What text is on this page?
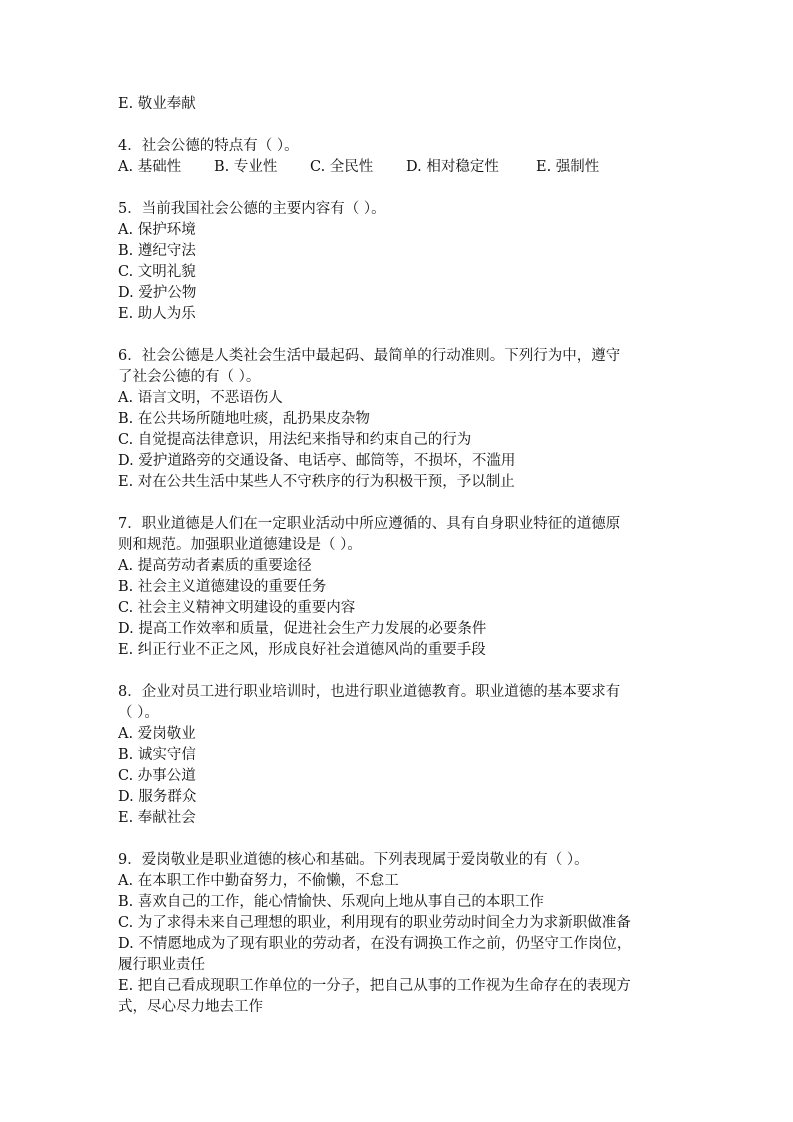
E. 敬业奉献

4．社会公德的特点有（ ）。

A. 基础性 B. 专业性 C. 全民性 D. 相对稳定性	E. 强制性

5．当前我国社会公德的主要内容有（ ）。

A. 保护环境

B. 遵纪守法

C. 文明礼貌

D. 爱护公物

E. 助人为乐

6．社会公德是人类社会生活中最起码、最简单的行动准则。下列行为中，遵守

了社会公德的有（ ）。

A. 语言文明，不恶语伤人

B. 在公共场所随地吐痰，乱扔果皮杂物

C. 自觉提高法律意识，用法纪来指导和约束自己的行为

D. 爱护道路旁的交通设备、电话亭、邮筒等，不损坏，不滥用

E. 对在公共生活中某些人不守秩序的行为积极干预，予以制止

7．职业道德是人们在一定职业活动中所应遵循的、具有自身职业特征的道德原

则和规范。加强职业道德建设是（ ）。

A. 提高劳动者素质的重要途径

B. 社会主义道德建设的重要任务

C. 社会主义精神文明建设的重要内容

D. 提高工作效率和质量，促进社会生产力发展的必要条件

E. 纠正行业不正之风，形成良好社会道德风尚的重要手段

8．企业对员工进行职业培训时，也进行职业道德教育。职业道德的基本要求有

（ ）。

A. 爱岗敬业

B. 诚实守信

C. 办事公道

D. 服务群众

E. 奉献社会

9．爱岗敬业是职业道德的核心和基础。下列表现属于爱岗敬业的有（ ）。

A. 在本职工作中勤奋努力，不偷懒，不怠工

B. 喜欢自己的工作，能心情愉快、乐观向上地从事自己的本职工作

C. 为了求得未来自己理想的职业，利用现有的职业劳动时间全力为求新职做准备

D. 不情愿地成为了现有职业的劳动者，在没有调换工作之前，仍坚守工作岗位，

履行职业责任

E. 把自己看成现职工作单位的一分子，把自己从事的工作视为生命存在的表现方

式，尽心尽力地去工作
